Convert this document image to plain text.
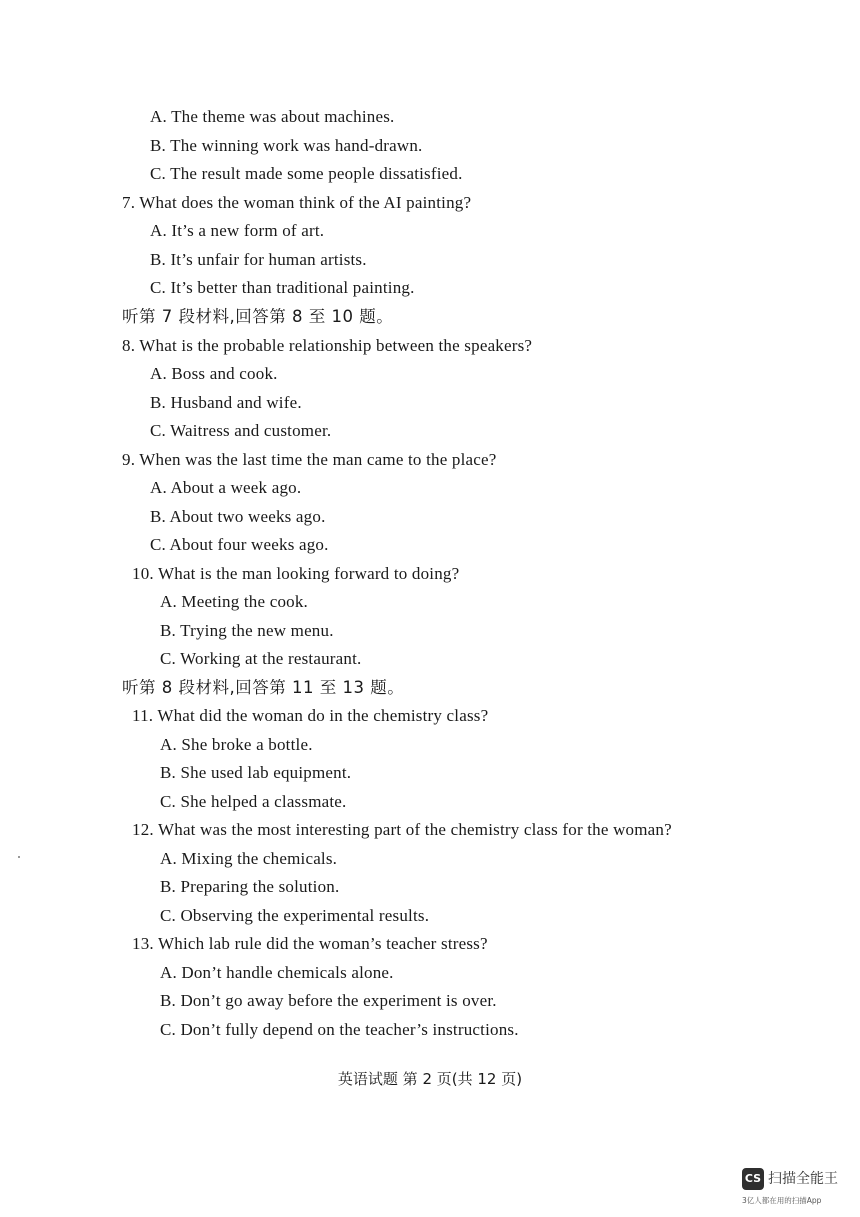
A. The theme was about machines.
B. The winning work was hand-drawn.
C. The result made some people dissatisfied.
7. What does the woman think of the AI painting?
A. It’s a new form of art.
B. It’s unfair for human artists.
C. It’s better than traditional painting.
听第 7 段材料,回答第 8 至 10 题。
8. What is the probable relationship between the speakers?
A. Boss and cook.
B. Husband and wife.
C. Waitress and customer.
9. When was the last time the man came to the place?
A. About a week ago.
B. About two weeks ago.
C. About four weeks ago.
10. What is the man looking forward to doing?
A. Meeting the cook.
B. Trying the new menu.
C. Working at the restaurant.
听第 8 段材料,回答第 11 至 13 题。
11. What did the woman do in the chemistry class?
A. She broke a bottle.
B. She used lab equipment.
C. She helped a classmate.
12. What was the most interesting part of the chemistry class for the woman?
A. Mixing the chemicals.
B. Preparing the solution.
C. Observing the experimental results.
13. Which lab rule did the woman’s teacher stress?
A. Don’t handle chemicals alone.
B. Don’t go away before the experiment is over.
C. Don’t fully depend on the teacher’s instructions.
英语试题 第 2 页(共 12 页)
CS 扫描全能王
3亿人都在用的扫描App
